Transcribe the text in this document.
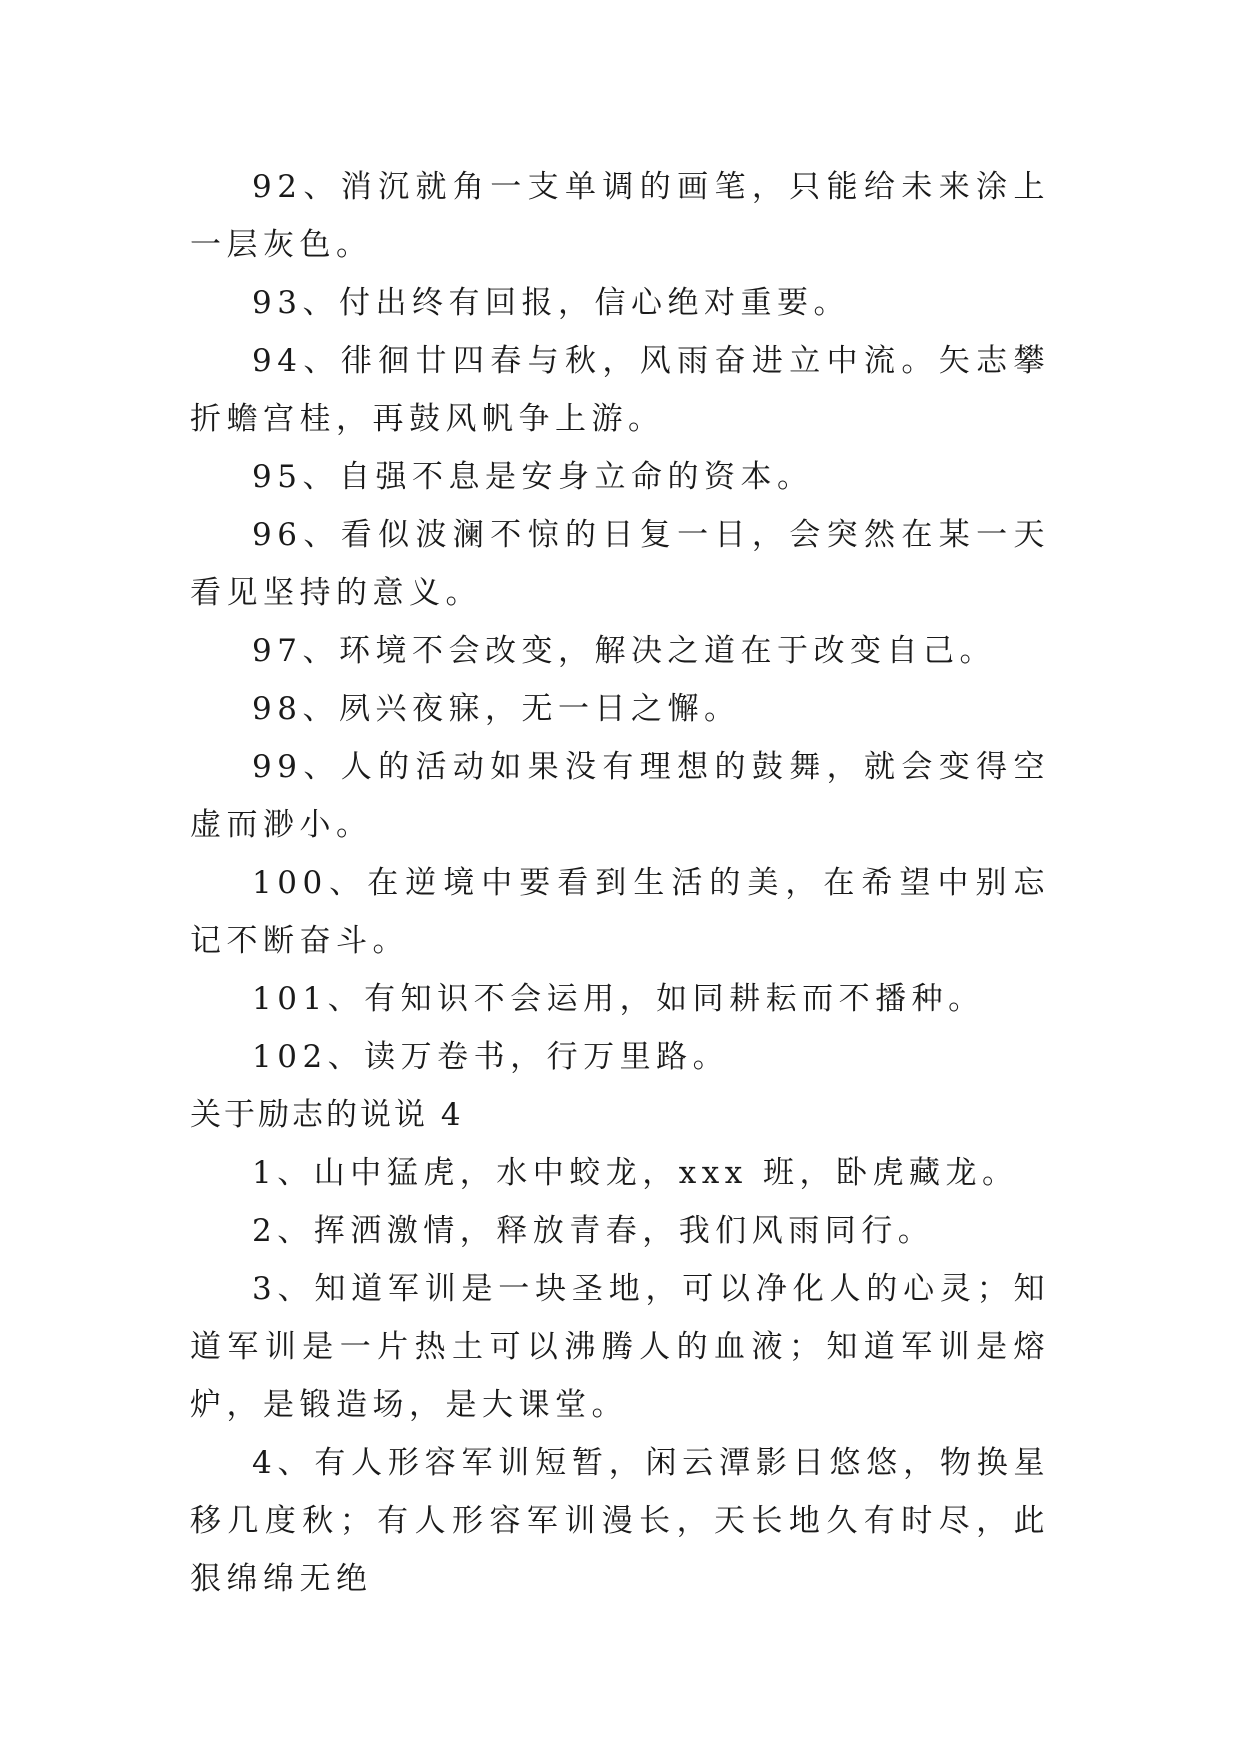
92、消沉就角一支单调的画笔，只能给未来涂上一层灰色。

93、付出终有回报，信心绝对重要。

94、徘徊廿四春与秋，风雨奋进立中流。矢志攀折蟾宫桂，再鼓风帆争上游。

95、自强不息是安身立命的资本。

96、看似波澜不惊的日复一日，会突然在某一天看见坚持的意义。

97、环境不会改变，解决之道在于改变自己。

98、夙兴夜寐，无一日之懈。

99、人的活动如果没有理想的鼓舞，就会变得空虚而渺小。

100、在逆境中要看到生活的美，在希望中别忘记不断奋斗。

101、有知识不会运用，如同耕耘而不播种。

102、读万卷书，行万里路。

关于励志的说说 4

1、山中猛虎，水中蛟龙，xxx 班，卧虎藏龙。

2、挥洒激情，释放青春，我们风雨同行。

3、知道军训是一块圣地，可以净化人的心灵；知道军训是一片热土可以沸腾人的血液；知道军训是熔炉，是锻造场，是大课堂。

4、有人形容军训短暂，闲云潭影日悠悠，物换星移几度秋；有人形容军训漫长，天长地久有时尽，此狠绵绵无绝
